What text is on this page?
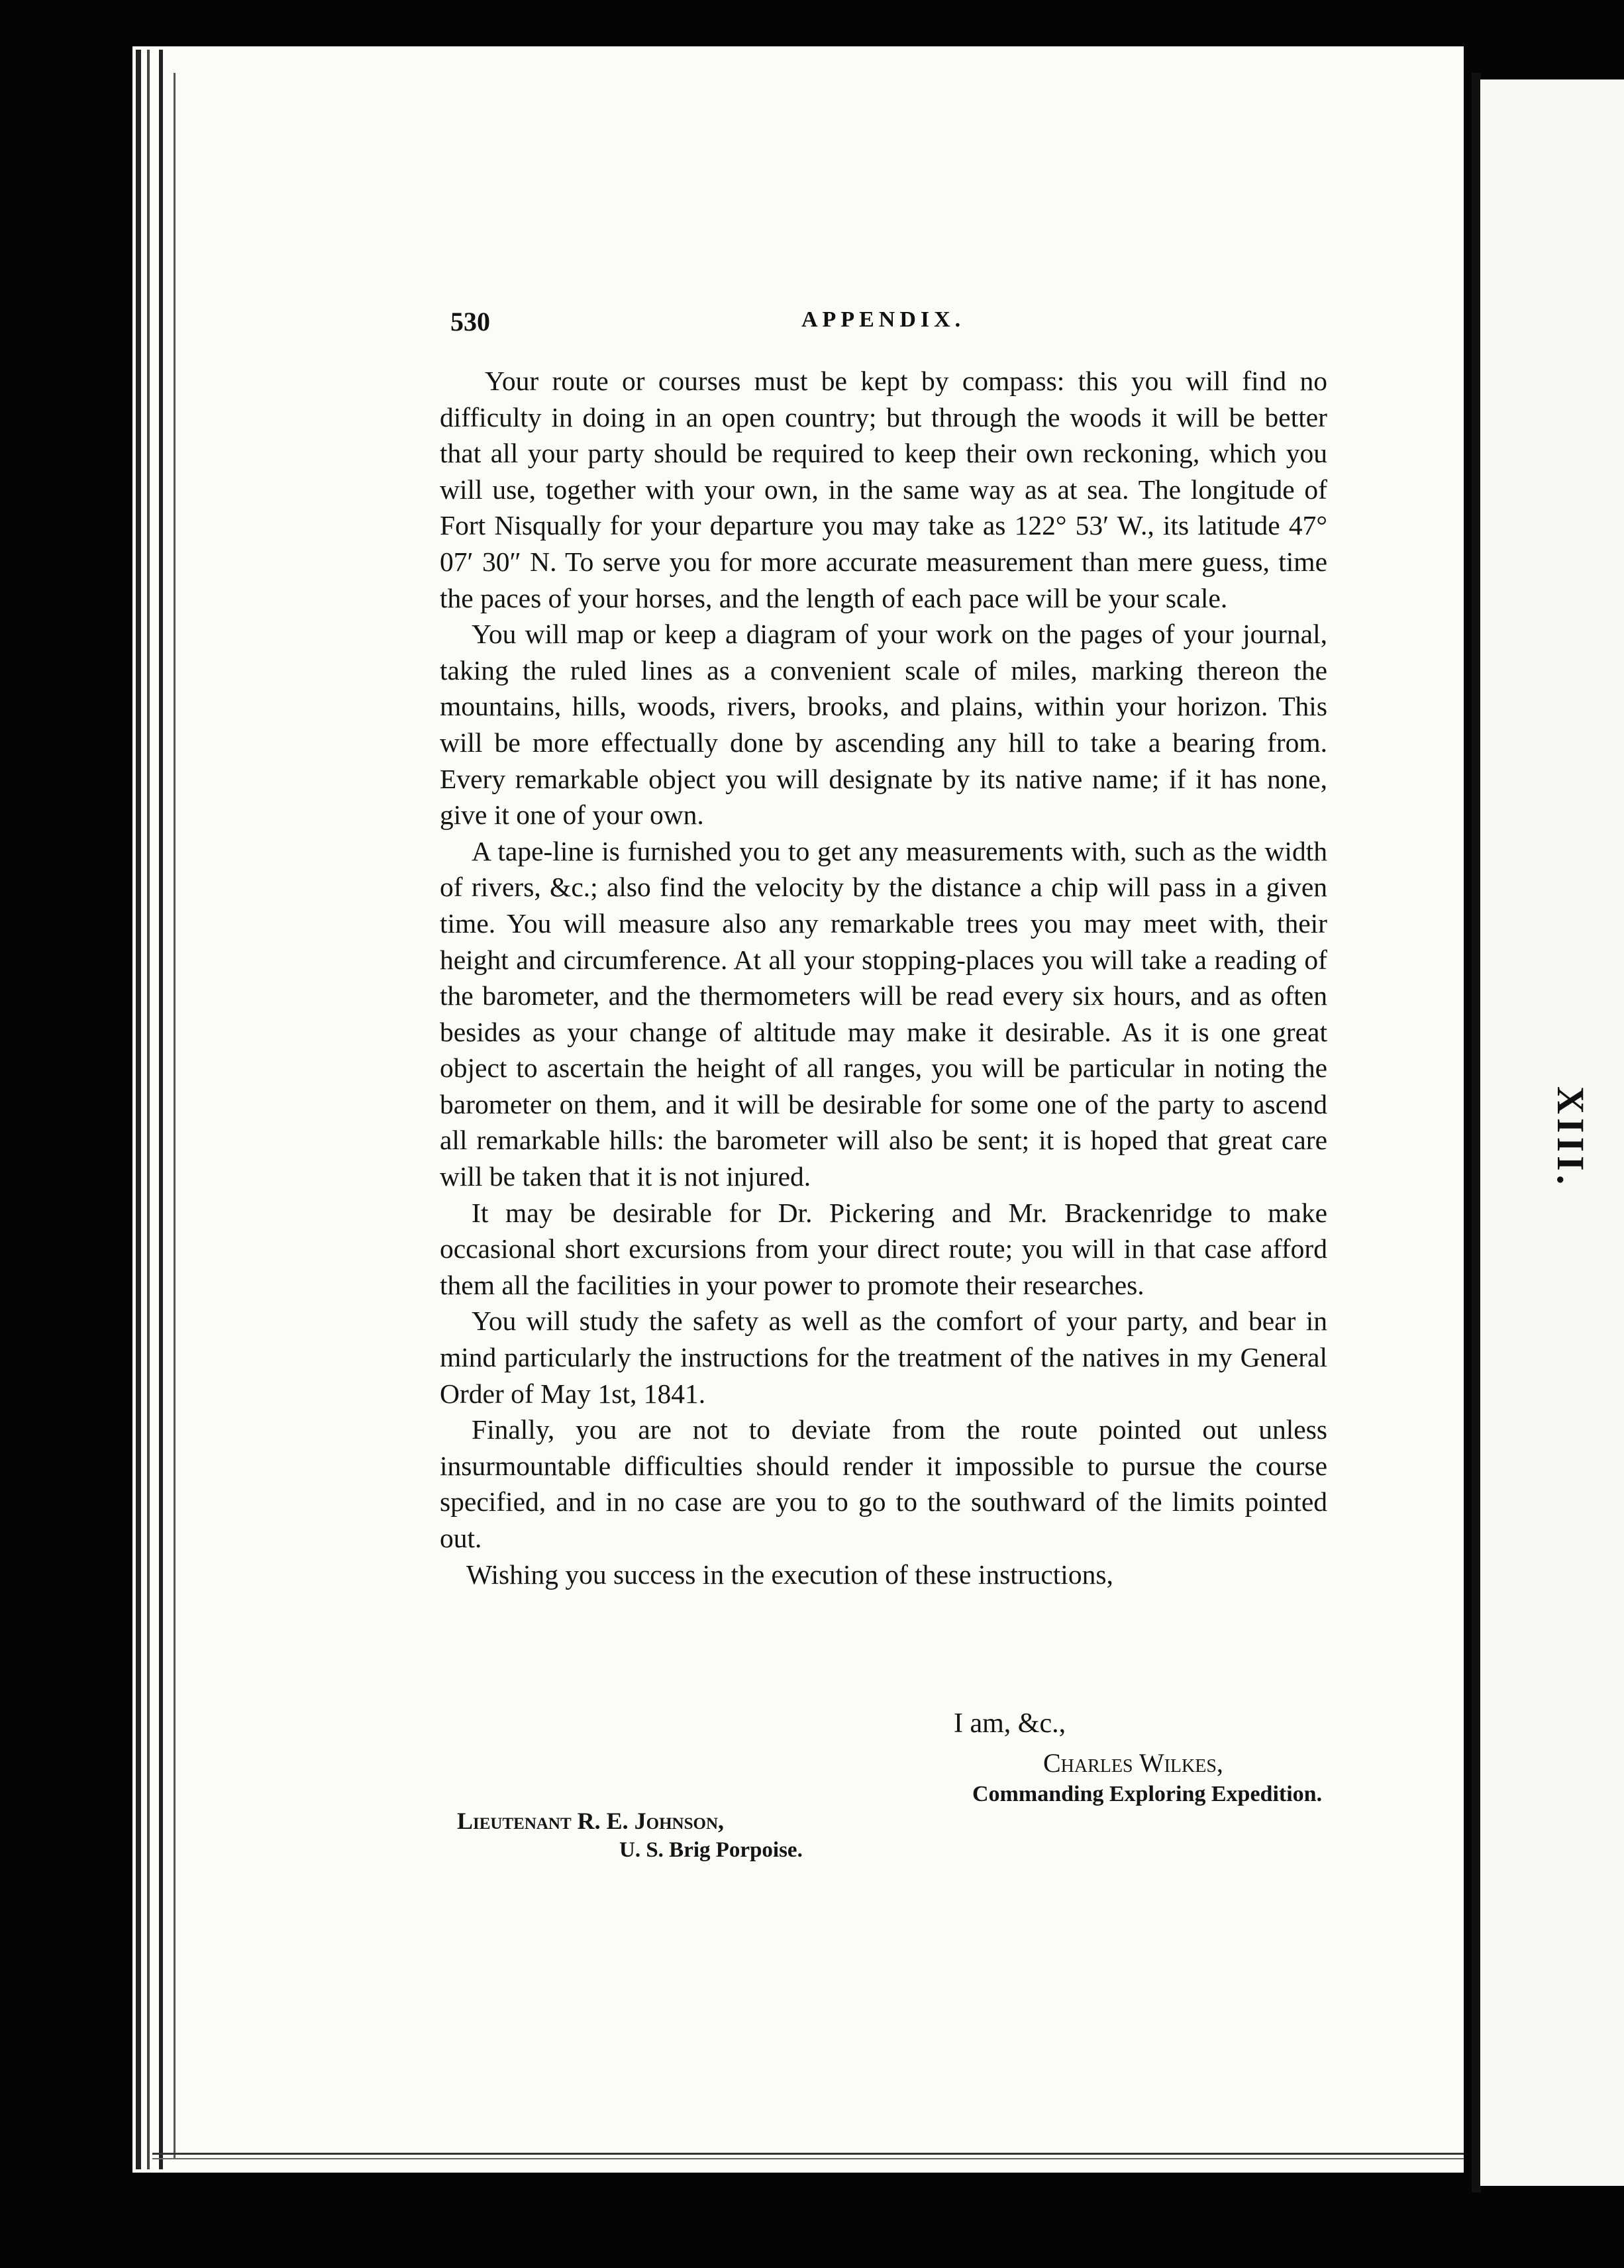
XIII.
530	APPENDIX.

Your route or courses must be kept by compass: this you will find no difficulty in doing in an open country; but through the woods it will be better that all your party should be required to keep their own reckoning, which you will use, together with your own, in the same way as at sea. The longitude of Fort Nisqually for your departure you may take as 122° 53′ W., its latitude 47° 07′ 30″ N. To serve you for more accurate measurement than mere guess, time the paces of your horses, and the length of each pace will be your scale.

You will map or keep a diagram of your work on the pages of your journal, taking the ruled lines as a convenient scale of miles, marking thereon the mountains, hills, woods, rivers, brooks, and plains, within your horizon. This will be more effectually done by ascending any hill to take a bearing from. Every remarkable object you will designate by its native name; if it has none, give it one of your own.

A tape-line is furnished you to get any measurements with, such as the width of rivers, &c.; also find the velocity by the distance a chip will pass in a given time. You will measure also any remarkable trees you may meet with, their height and circumference. At all your stopping-places you will take a reading of the barometer, and the thermometers will be read every six hours, and as often besides as your change of altitude may make it desirable. As it is one great object to ascertain the height of all ranges, you will be particular in noting the barometer on them, and it will be desirable for some one of the party to ascend all remarkable hills: the barometer will also be sent; it is hoped that great care will be taken that it is not injured.

It may be desirable for Dr. Pickering and Mr. Brackenridge to make occasional short excursions from your direct route; you will in that case afford them all the facilities in your power to promote their researches.

You will study the safety as well as the comfort of your party, and bear in mind particularly the instructions for the treatment of the natives in my General Order of May 1st, 1841.

Finally, you are not to deviate from the route pointed out unless insurmountable difficulties should render it impossible to pursue the course specified, and in no case are you to go to the southward of the limits pointed out.

Wishing you success in the execution of these instructions,

I am, &c.,
Charles Wilkes,
Commanding Exploring Expedition.
Lieutenant R. E. Johnson,
U. S. Brig Porpoise.
